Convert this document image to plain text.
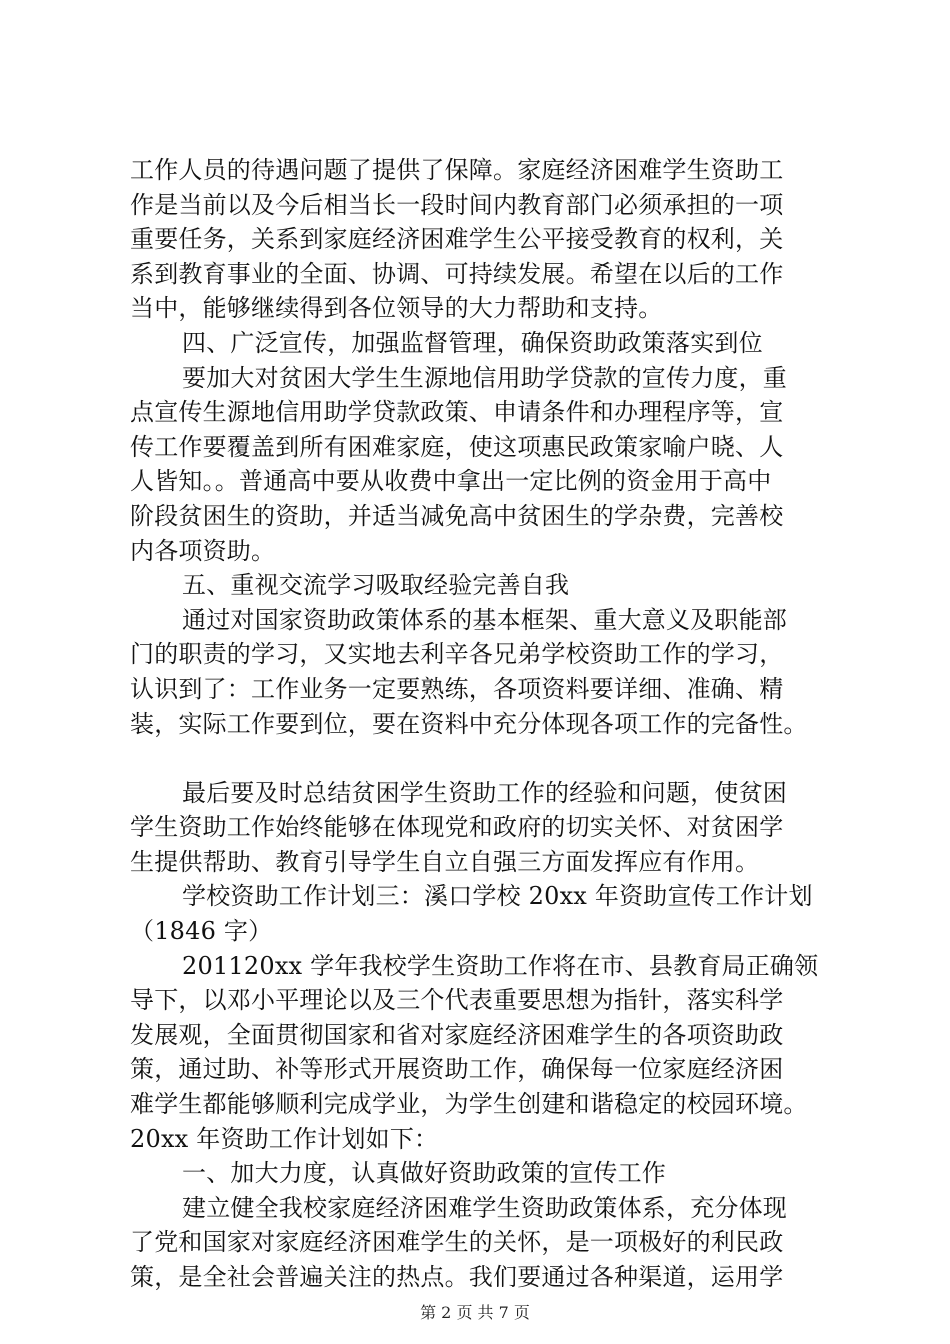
工作人员的待遇问题了提供了保障。家庭经济困难学生资助工
作是当前以及今后相当长一段时间内教育部门必须承担的一项
重要任务，关系到家庭经济困难学生公平接受教育的权利，关
系到教育事业的全面、协调、可持续发展。希望在以后的工作
当中，能够继续得到各位领导的大力帮助和支持。
四、广泛宣传，加强监督管理，确保资助政策落实到位
要加大对贫困大学生生源地信用助学贷款的宣传力度，重
点宣传生源地信用助学贷款政策、申请条件和办理程序等，宣
传工作要覆盖到所有困难家庭，使这项惠民政策家喻户晓、人
人皆知。。普通高中要从收费中拿出一定比例的资金用于高中
阶段贫困生的资助，并适当减免高中贫困生的学杂费，完善校
内各项资助。
五、重视交流学习吸取经验完善自我
通过对国家资助政策体系的基本框架、重大意义及职能部
门的职责的学习，又实地去利辛各兄弟学校资助工作的学习，
认识到了：工作业务一定要熟练，各项资料要详细、准确、精
装，实际工作要到位，要在资料中充分体现各项工作的完备性。
最后要及时总结贫困学生资助工作的经验和问题，使贫困
学生资助工作始终能够在体现党和政府的切实关怀、对贫困学
生提供帮助、教育引导学生自立自强三方面发挥应有作用。
学校资助工作计划三：溪口学校 20xx 年资助宣传工作计划
（1846 字）
201120xx 学年我校学生资助工作将在市、县教育局正确领
导下，以邓小平理论以及三个代表重要思想为指针，落实科学
发展观，全面贯彻国家和省对家庭经济困难学生的各项资助政
策，通过助、补等形式开展资助工作，确保每一位家庭经济困
难学生都能够顺利完成学业，为学生创建和谐稳定的校园环境。
20xx 年资助工作计划如下：
一、加大力度，认真做好资助政策的宣传工作
建立健全我校家庭经济困难学生资助政策体系，充分体现
了党和国家对家庭经济困难学生的关怀，是一项极好的利民政
策，是全社会普遍关注的热点。我们要通过各种渠道，运用学
第 2 页 共 7 页
